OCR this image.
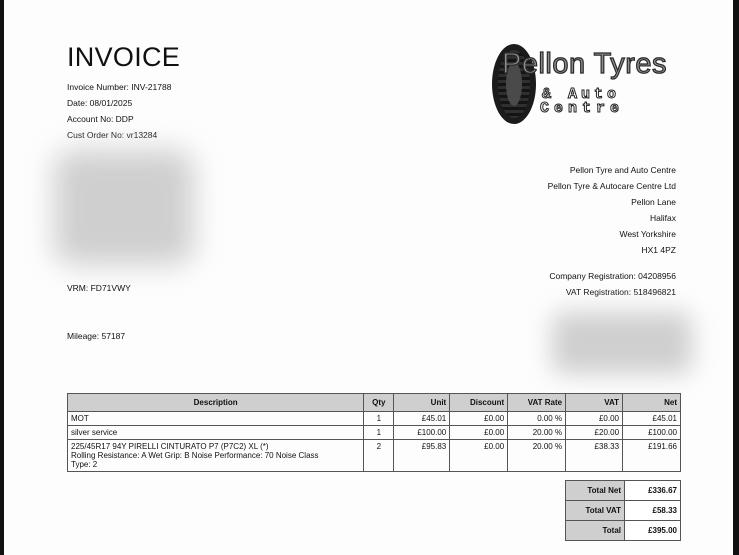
INVOICE
Invoice Number: INV-21788
Date: 08/01/2025
Account No: DDP
Cust Order No: vr13284
Pellon Tyres
& Auto
Centre
Pellon Tyre and Auto Centre
Pellon Tyre & Autocare Centre Ltd
Pellon Lane
Halifax
West Yorkshire
HX1 4PZ
Company Registration: 04208956
VAT Registration: 518496821
VRM: FD71VWY
Mileage: 57187
Description	Qty	Unit	Discount	VAT Rate	VAT	Net
MOT	1	£45.01	£0.00	0.00 %	£0.00	£45.01
silver service	1	£100.00	£0.00	20.00 %	£20.00	£100.00

225/45R17 94Y PIRELLI CINTURATO P7 (P7C2) XL (*)
Rolling Resistance: A Wet Grip: B Noise Performance: 70 Noise Class
Type: 2	2	£95.83	£0.00	20.00 %	£38.33	£191.66
Total Net	£336.67
Total VAT	£58.33
Total	£395.00
